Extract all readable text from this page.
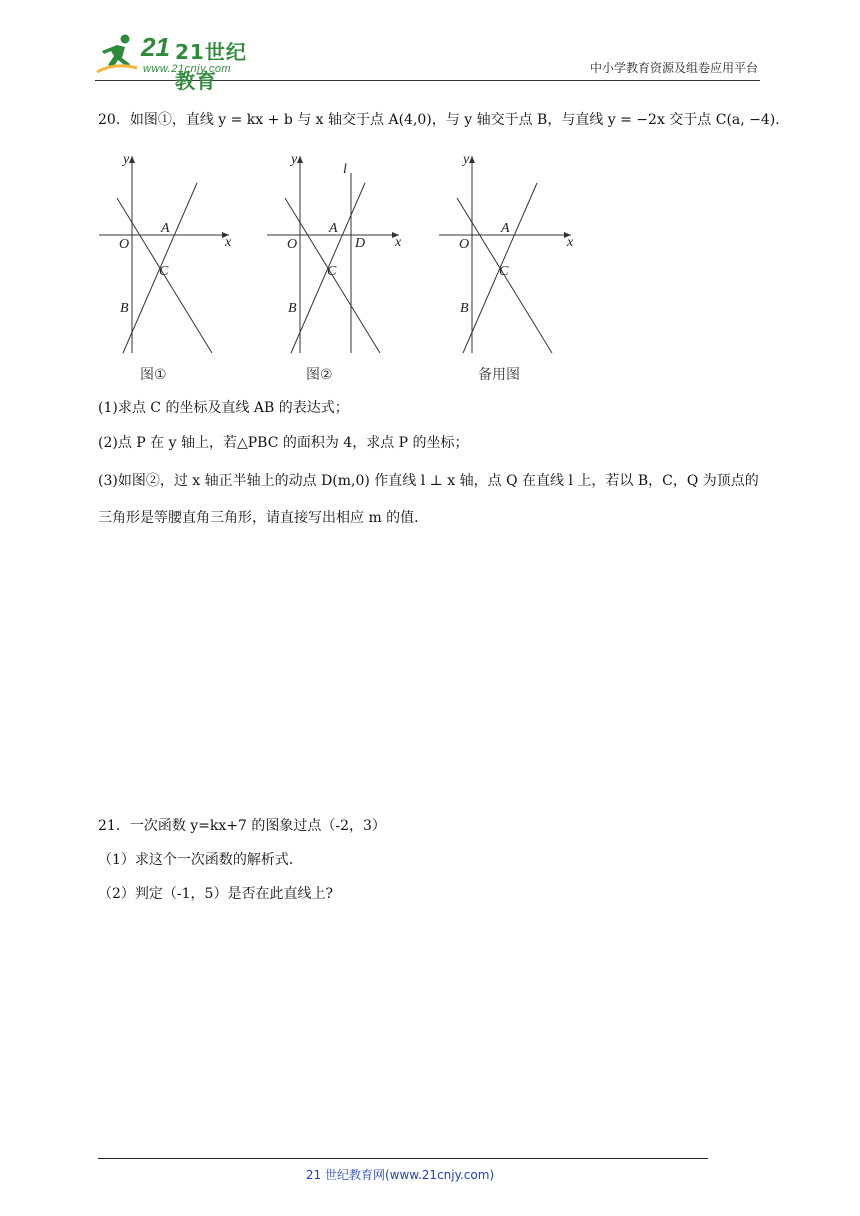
21 21世纪教育
www.21cnjy.com	中小学教育资源及组卷应用平台
20．如图①，直线 y = kx + b 与 x 轴交于点 A(4,0)，与 y 轴交于点 B，与直线 y = −2x 交于点 C(a, −4)．
x
y
O
A
C
B
图①
x
y
l
O
A
D
C
B
图②
x
y
O
A
C
B
备用图
(1)求点 C 的坐标及直线 AB 的表达式；
(2)点 P 在 y 轴上，若△PBC 的面积为 4，求点 P 的坐标；
(3)如图②，过 x 轴正半轴上的动点 D(m,0) 作直线 l ⊥ x 轴，点 Q 在直线 l 上，若以 B，C，Q 为顶点的
三角形是等腰直角三角形，请直接写出相应 m 的值．
21．一次函数 y=kx+7 的图象过点（-2，3）
（1）求这个一次函数的解析式．
（2）判定（-1，5）是否在此直线上?
21 世纪教育网(www.21cnjy.com)
